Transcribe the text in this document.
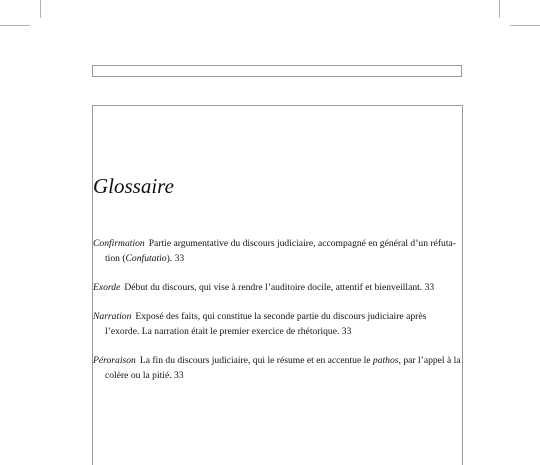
Glossaire
Confirmation Partie argumentative du discours judiciaire, accompagné en général d’un réfuta-tion (Confutatio). 33
Exorde Début du discours, qui vise à rendre l’auditoire docile, attentif et bienveillant. 33
Narration Exposé des faits, qui constitue la seconde partie du discours judiciaire après l’exorde. La narration était le premier exercice de rhétorique. 33
Péroraison La fin du discours judiciaire, qui le résume et en accentue le pathos, par l’appel à la colère ou la pitié. 33
